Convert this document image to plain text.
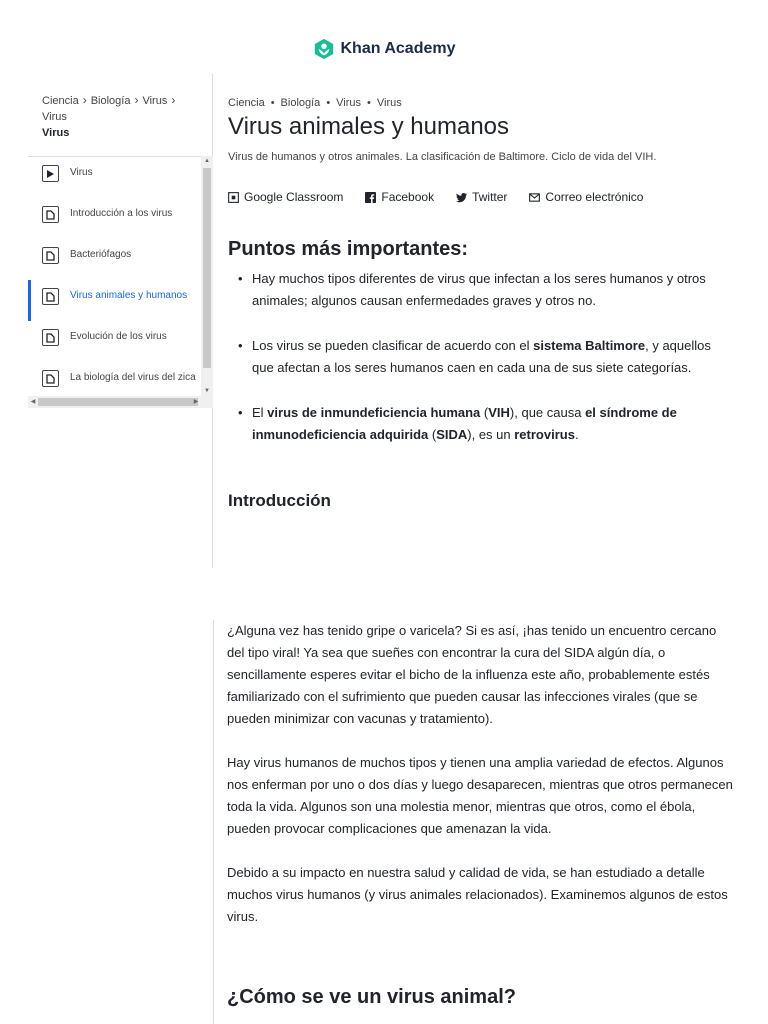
Khan Academy
Ciencia › Biología › Virus ›
Virus
Virus
Virus
Introducción a los virus
Bacteriófagos
Virus animales y humanos
Evolución de los virus
La biología del virus del zica
▲
▼
◀	▶
Ciencia • Biología • Virus • Virus
Virus animales y humanos
Virus de humanos y otros animales. La clasificación de Baltimore. Ciclo de vida del VIH.
Google Classroom	Facebook	Twitter	Correo electrónico
Puntos más importantes:
• Hay muchos tipos diferentes de virus que infectan a los seres humanos y otros animales; algunos causan enfermedades graves y otros no.
• Los virus se pueden clasificar de acuerdo con el sistema Baltimore, y aquellos que afectan a los seres humanos caen en cada una de sus siete categorías.
• El virus de inmundeficiencia humana (VIH), que causa el síndrome de inmunodeficiencia adquirida (SIDA), es un retrovirus.
Introducción

¿Alguna vez has tenido gripe o varicela? Si es así, ¡has tenido un encuentro cercano del tipo viral! Ya sea que sueñes con encontrar la cura del SIDA algún día, o sencillamente esperes evitar el bicho de la influenza este año, probablemente estés familiarizado con el sufrimiento que pueden causar las infecciones virales (que se pueden minimizar con vacunas y tratamiento).

Hay virus humanos de muchos tipos y tienen una amplia variedad de efectos. Algunos nos enferman por uno o dos días y luego desaparecen, mientras que otros permanecen toda la vida. Algunos son una molestia menor, mientras que otros, como el ébola, pueden provocar complicaciones que amenazan la vida.

Debido a su impacto en nuestra salud y calidad de vida, se han estudiado a detalle muchos virus humanos (y virus animales relacionados). Examinemos algunos de estos virus.

¿Cómo se ve un virus animal?
